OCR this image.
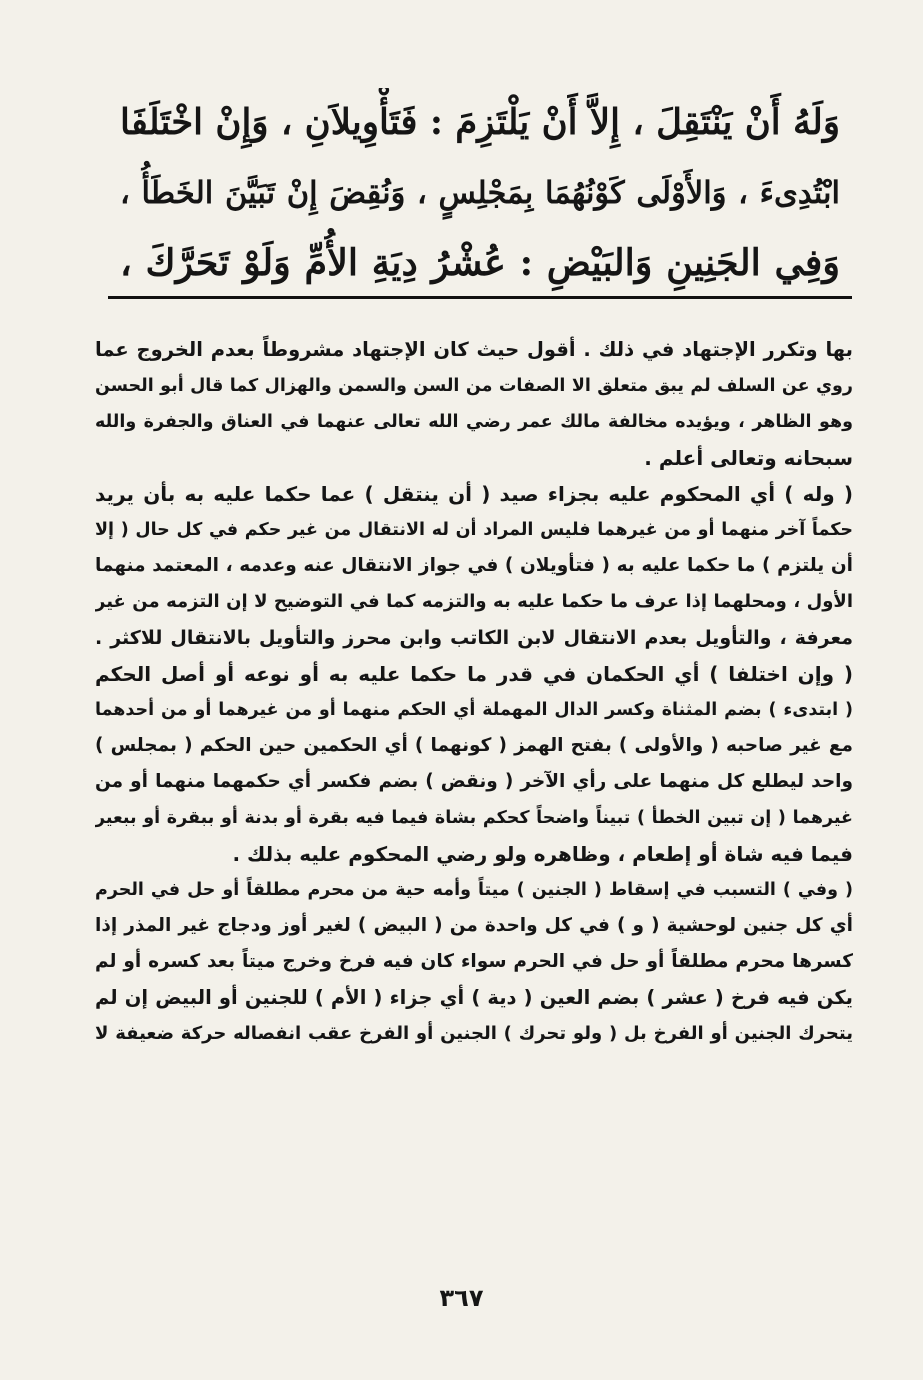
وَلَهُ أَنْ يَنْتَقِلَ ، إِلاَّ أَنْ يَلْتَزِمَ : فَتَأْوِيلاَنِ ، وَإِنْ اخْتَلَفَا
ابْتُدِىءَ ، وَالأَوْلَى كَوْنُهُمَا بِمَجْلِسٍ ، وَنُقِضَ إِنْ تَبَيَّنَ الخَطَأُ ،
وَفِي الجَنِينِ وَالبَيْضِ : عُشْرُ دِيَةِ الأُمِّ وَلَوْ تَحَرَّكَ ،
بها وتكرر الإجتهاد في ذلك . أقول حيث كان الإجتهاد مشروطاً بعدم الخروج عما
روي عن السلف لم يبق متعلق الا الصفات من السن والسمن والهزال كما قال أبو الحسن
وهو الظاهر ، ويؤيده مخالفة مالك عمر رضي الله تعالى عنهما في العناق والجفرة والله
سبحانه وتعالى أعلم .
( وله ) أي المحكوم عليه بجزاء صيد ( أن ينتقل ) عما حكما عليه به بأن يريد
حكماً آخر منهما أو من غيرهما فليس المراد أن له الانتقال من غير حكم في كل حال ( إلا
أن يلتزم ) ما حكما عليه به ( فتأويلان ) في جواز الانتقال عنه وعدمه ، المعتمد منهما
الأول ، ومحلهما إذا عرف ما حكما عليه به والتزمه كما في التوضيح لا إن التزمه من غير
معرفة ، والتأويل بعدم الانتقال لابن الكاتب وابن محرز والتأويل بالانتقال للاكثر .
( وإن اختلفا ) أي الحكمان في قدر ما حكما عليه به أو نوعه أو أصل الحكم
( ابتدىء ) بضم المثناة وكسر الدال المهملة أي الحكم منهما أو من غيرهما أو من أحدهما
مع غير صاحبه ( والأولى ) بفتح الهمز ( كونهما ) أي الحكمين حين الحكم ( بمجلس )
واحد ليطلع كل منهما على رأي الآخر ( ونقض ) بضم فكسر أي حكمهما منهما أو من
غيرهما ( إن تبين الخطأ ) تبيناً واضحاً كحكم بشاة فيما فيه بقرة أو بدنة أو ببقرة أو ببعير
فيما فيه شاة أو إطعام ، وظاهره ولو رضي المحكوم عليه بذلك .
( وفي ) التسبب في إسقاط ( الجنين ) ميتاً وأمه حية من محرم مطلقاً أو حل في الحرم
أي كل جنين لوحشية ( و ) في كل واحدة من ( البيض ) لغير أوز ودجاج غير المذر إذا
كسرها محرم مطلقاً أو حل في الحرم سواء كان فيه فرخ وخرج ميتاً بعد كسره أو لم
يكن فيه فرخ ( عشر ) بضم العين ( دية ) أي جزاء ( الأم ) للجنين أو البيض إن لم
يتحرك الجنين أو الفرخ بل ( ولو تحرك ) الجنين أو الفرخ عقب انفصاله حركة ضعيفة لا
٣٦٧
